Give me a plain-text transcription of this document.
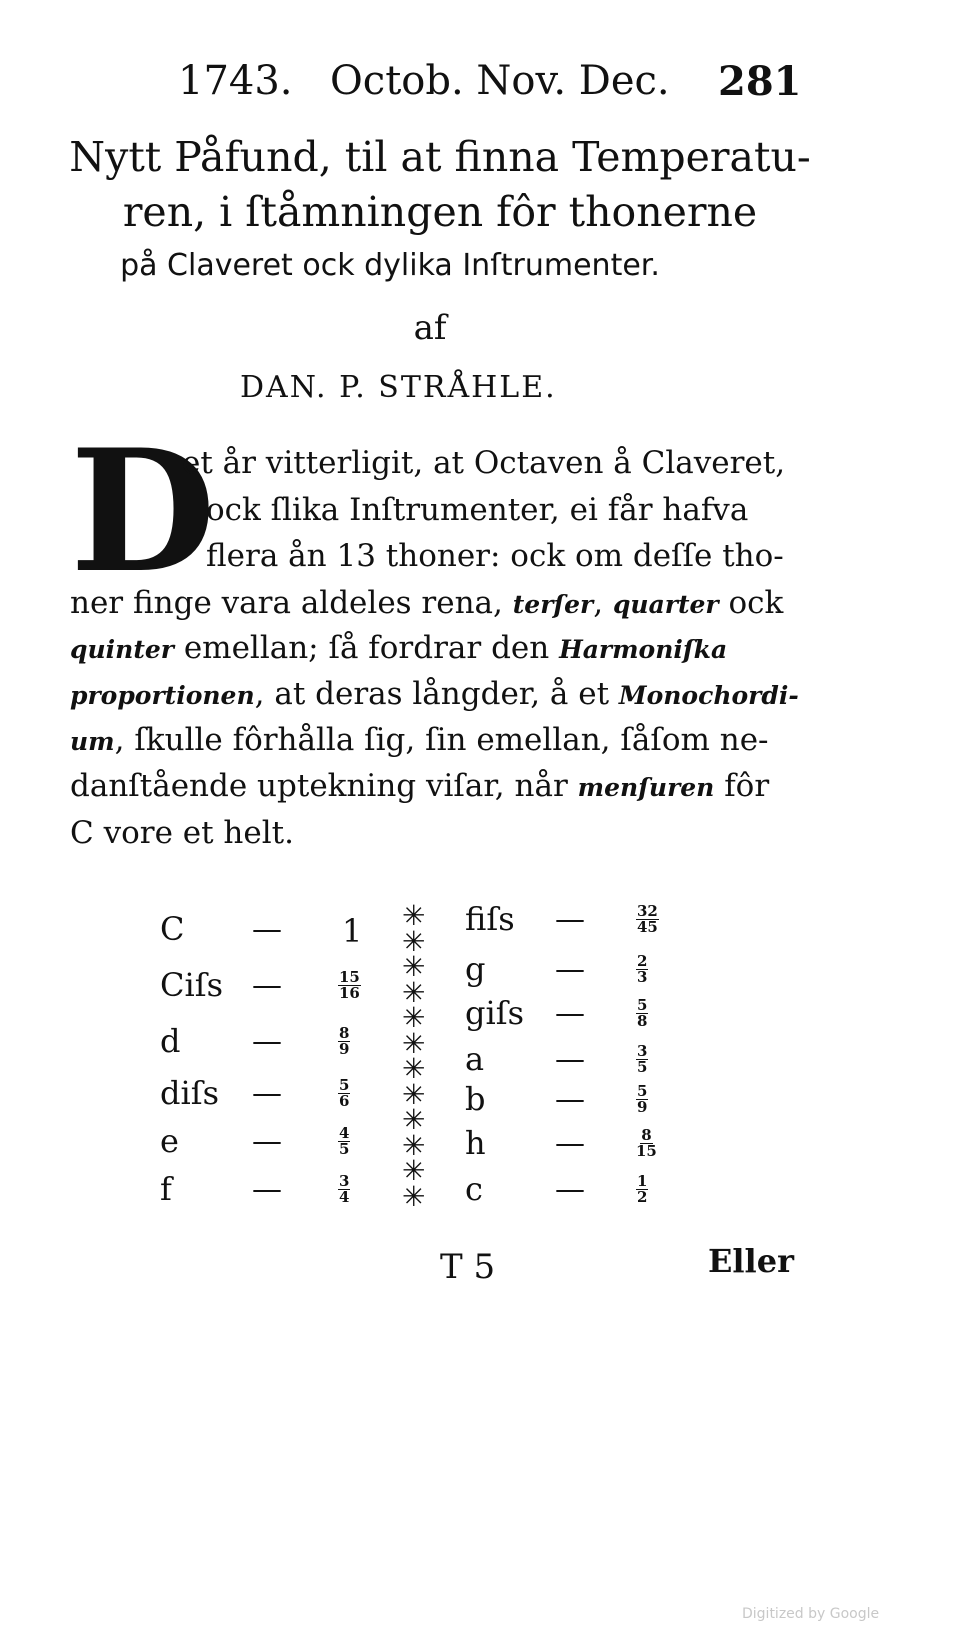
1743. Octob. Nov. Dec. 281
Nytt Påfund, til at finna Temperatu-
ren, i ſtåmningen fôr thonerne
på Claveret ock dylika Inſtrumenter.
af
DAN. P. STRÅHLE.
D
et år vitterligit, at Octaven å Claveret,
ock ſlika Inſtrumenter, ei får hafva
flera ån 13 thoner: ock om deſſe tho-
ner finge vara aldeles rena, terſer, quarter ock
quinter emellan; ſå fordrar den Harmoniſka
proportionen, at deras långder, å et Monochordi-
um, ſkulle fôrhålla ſig, ſin emellan, ſåſom ne-
danſtående uptekning viſar, når menſuren fôr
C vore et helt.
C — 1
Ciſs —	$\frac{15}{16}$
d —	$\frac{8}{9}$
diſs —	$\frac{5}{6}$
e —	$\frac{4}{5}$
f	—	$\frac{3}{4}$
fiſs —	$\frac{32}{45}$
g —	$\frac{2}{3}$
giſs —	$\frac{5}{8}$
a —	$\frac{3}{5}$
b —	$\frac{5}{9}$
h —	$\frac{8}{15}$
c —	$\frac{1}{2}$
✳
✳
✳
✳
✳
✳
✳
✳
✳
✳
✳
✳
T 5	Eller
Digitized by Google
